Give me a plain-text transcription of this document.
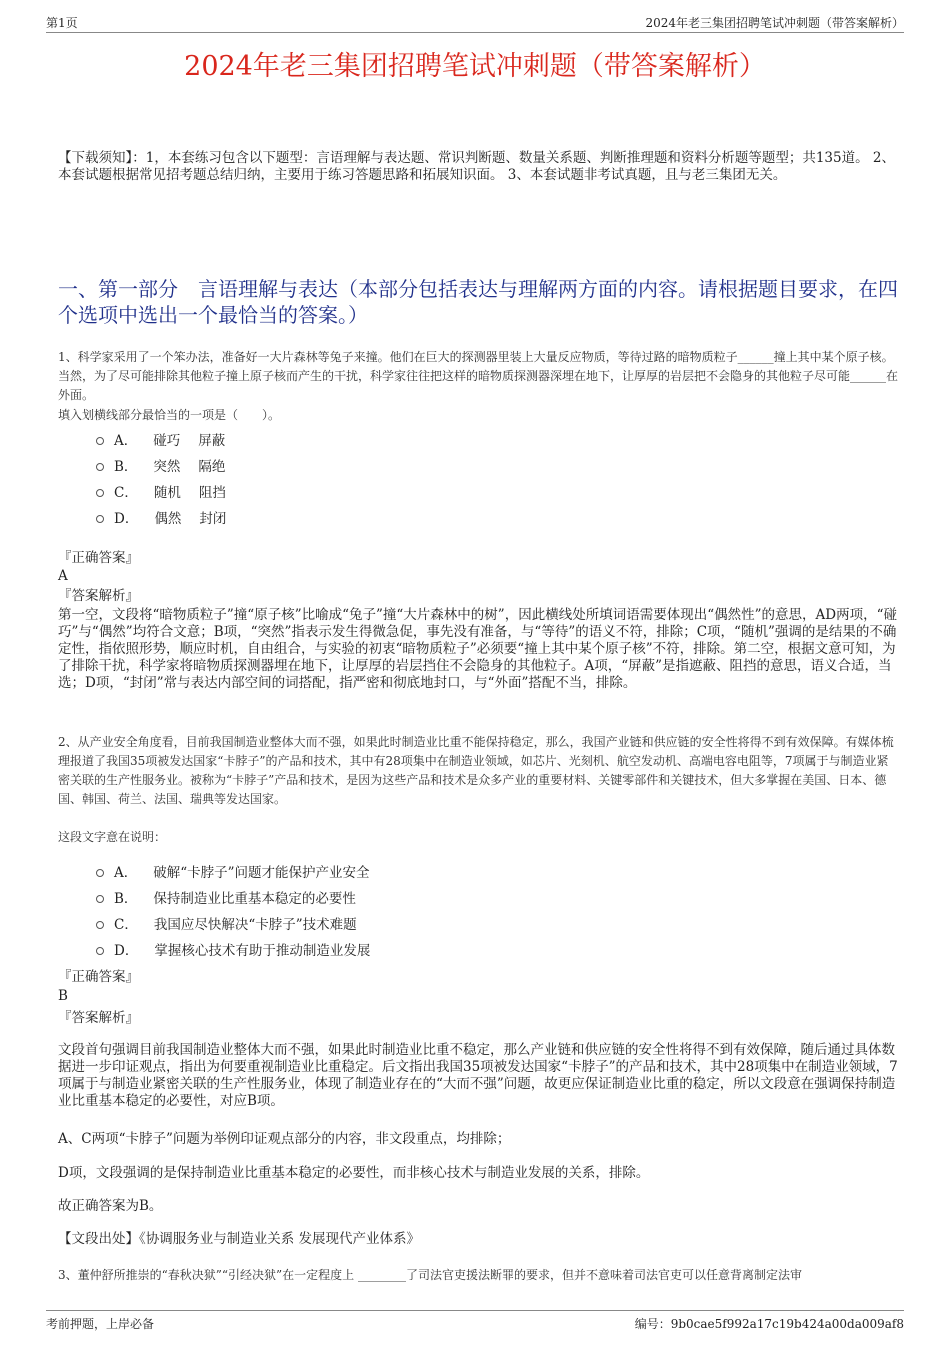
第1页	2024年老三集团招聘笔试冲刺题（带答案解析）
2024年老三集团招聘笔试冲刺题（带答案解析）
【下载须知】：1，本套练习包含以下题型：言语理解与表达题、常识判断题、数量关系题、判断推理题和资料分析题等题型；共135道。 2、本套试题根据常见招考题总结归纳，主要用于练习答题思路和拓展知识面。 3、本套试题非考试真题，且与老三集团无关。
一、第一部分　言语理解与表达（本部分包括表达与理解两方面的内容。请根据题目要求，在四个选项中选出一个最恰当的答案。）
1、科学家采用了一个笨办法，准备好一大片森林等兔子来撞。他们在巨大的探测器里装上大量反应物质，等待过路的暗物质粒子______撞上其中某个原子核。当然，为了尽可能排除其他粒子撞上原子核而产生的干扰，科学家往往把这样的暗物质探测器深埋在地下，让厚厚的岩层把不会隐身的其他粒子尽可能______在外面。
填入划横线部分最恰当的一项是（　　）。
A． 碰巧 屏蔽
B． 突然 隔绝
C． 随机 阻挡
D． 偶然 封闭
『正确答案』
A
『答案解析』
第一空，文段将“暗物质粒子”撞“原子核”比喻成“兔子”撞“大片森林中的树”，因此横线处所填词语需要体现出“偶然性”的意思，AD两项，“碰巧”与“偶然”均符合文意；B项，“突然”指表示发生得微急促，事先没有准备，与“等待”的语义不符，排除；C项，“随机”强调的是结果的不确定性，指依照形势，顺应时机，自由组合，与实验的初衷“暗物质粒子”必须要“撞上其中某个原子核”不符，排除。第二空，根据文意可知，为了排除干扰，科学家将暗物质探测器埋在地下，让厚厚的岩层挡住不会隐身的其他粒子。A项，“屏蔽”是指遮蔽、阻挡的意思，语义合适，当选；D项，“封闭”常与表达内部空间的词搭配，指严密和彻底地封口，与“外面”搭配不当，排除。
2、从产业安全角度看，目前我国制造业整体大而不强，如果此时制造业比重不能保持稳定，那么，我国产业链和供应链的安全性将得不到有效保障。有媒体梳理报道了我国35项被发达国家“卡脖子”的产品和技术，其中有28项集中在制造业领域，如芯片、光刻机、航空发动机、高端电容电阻等，7项属于与制造业紧密关联的生产性服务业。被称为“卡脖子”产品和技术，是因为这些产品和技术是众多产业的重要材料、关键零部件和关键技术，但大多掌握在美国、日本、德国、韩国、荷兰、法国、瑞典等发达国家。
这段文字意在说明：
A． 破解“卡脖子”问题才能保护产业安全
B． 保持制造业比重基本稳定的必要性
C． 我国应尽快解决“卡脖子”技术难题
D． 掌握核心技术有助于推动制造业发展
『正确答案』
B
『答案解析』
文段首句强调目前我国制造业整体大而不强，如果此时制造业比重不稳定，那么产业链和供应链的安全性将得不到有效保障，随后通过具体数据进一步印证观点，指出为何要重视制造业比重稳定。后文指出我国35项被发达国家“卡脖子”的产品和技术，其中28项集中在制造业领域，7项属于与制造业紧密关联的生产性服务业，体现了制造业存在的“大而不强”问题，故更应保证制造业比重的稳定，所以文段意在强调保持制造业比重基本稳定的必要性，对应B项。
A、C两项“卡脖子”问题为举例印证观点部分的内容，非文段重点，均排除；
D项，文段强调的是保持制造业比重基本稳定的必要性，而非核心技术与制造业发展的关系，排除。
故正确答案为B。
【文段出处】《协调服务业与制造业关系 发展现代产业体系》
3、董仲舒所推崇的“春秋决狱”“引经决狱”在一定程度上 ________了司法官吏援法断罪的要求，但并不意味着司法官吏可以任意背离制定法审
考前押题，上岸必备	编号：9b0cae5f992a17c19b424a00da009af8
